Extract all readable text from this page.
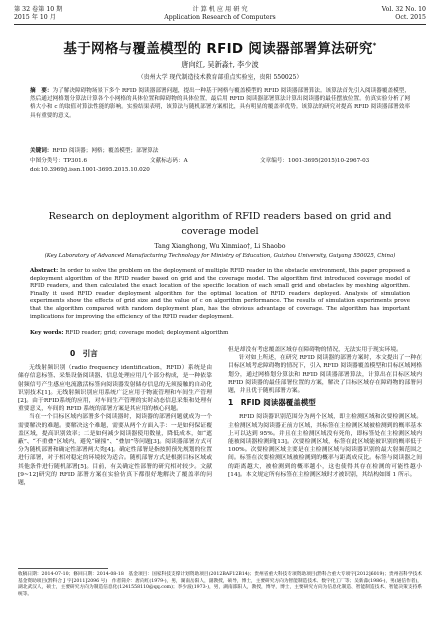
第 32 卷第 10 期
2015 年 10 月
计 算 机 应 用 研 究
Application Research of Computers
Vol. 32 No. 10
Oct. 2015
基于网格与覆盖模型的 RFID 阅读器部署算法研究*
唐向红, 吴新淼†, 李少波
（贵州大学 现代制造技术教育部重点实验室，贵阳 550025）
摘　要：为了解决障碍物场景下多个 RFID 阅读器部署问题，提出一种基于网格与覆盖模型的 RFID 阅读器部署算法。该算法首先引入阅读器覆盖模型，然后通过网格划分算法计算各个小网格的具体位置和障碍物的具体位置，最后用 RFID 阅读器部署算法计算出阅读器的最佳摆放位置。仿真实验分析了网格大小和 c 的取值对算法性能的影响。实验结果表明，该算法与随机部署方案相比，具有明显的覆盖率优势。该算法的研究对提高 RFID 阅读器部署效率具有重要的意义。
关键词：RFID 阅读器；网格；覆盖模型；部署算法
中图分类号：TP301.6	文献标志码：A	文章编号：1001-3695(2015)10-2967-03
doi:10.3969/j.issn.1001-3695.2015.10.020
Research on deployment algorithm of RFID readers based on grid and coverage model
Tang Xianghong, Wu Xinmiao†, Li Shaobo
(Key Laboratory of Advanced Manufacturing Technology for Ministry of Education, Guizhou University, Guiyang 550025, China)
Abstract: In order to solve the problem on the deployment of multiple RFID reader in the obstacle environment, this paper proposed a deployment algorithm of the RFID reader based on grid and the coverage model. The algorithm first introduced coverage model of RFID readers, and then calculated the exact location of the specific location of each small grid and obstacles by meshing algorithm. Finally it used RFID reader deployment algorithm for the optimal location of RFID readers deployed. Analysis of simulation experiments show the effects of grid size and the value of c on algorithm performance. The results of simulation experiments prove that the algorithm compared with random deployment plan, has the obvious advantage of coverage. The algorithm has important implications for improving the efficiency of the RFID reader deployment.
Key words: RFID reader; grid; coverage model; deployment algorithm
0　引言

无线射频识别（radio frequency identification，RFID）系统是由储存信息标签、采集设备阅读器、信息处理应用几个部分构成，是一种依靠射频信号产生感应电流激活标签向阅读器发射储存信息的无须接触的自动化识别技术[1]。无线射频识别应用系统广泛应用于物流管理和车间生产管理[2]。由于RFID系统的应用，对车间生产管理的实时动态信息采集和处理有重要意义，车间的 RFID 系统的部署方案是其应用的核心问题。

当在一个目标区域内部署多个阅读器时，阅读器的部署问题就成为一个需要解决的难题。要解决这个难题，需要从两个方面入手：一是如何保证覆盖区域，提高识别效率；二是如何减少阅读器使用数量，降低成本，如“遮蔽”、“不重叠”区域内，避免“碰撞”、“叠加”等问题[3]。阅读器部署方式可分为随机部署和确定性部署两大类[4]。确定性部署是指按照预先规划的位置进行部署，对于相对稳定的环境较为适合。随机部署方式是根据目标区域或其他条件进行随机部署[5]。目前，有关确定性部署的研究相对较少。文献[9~12]研究的 RFID 部署方案在实验仿真下都很好地解决了覆盖率的问题，

但是却没有考虑覆盖区域存在障碍物的情况，无法实用于现实环境。

针对如上所述，在研究 RFID 阅读器的部署方案时，本文提出了一种在目标区域考虑障碍物的情况下，引入 RFID 阅读器覆盖模型和目标区域网格划分，通过网格划分算法和 RFID 阅读器部署算法，计算出在目标区域内 RFID 阅读器的最佳部署位置的方案，解决了目标区域存在障碍物的部署问题，并且优于随机部署方案。

1　RFID 阅读器覆盖模型

RFID 阅读器识别范围分为两个区域，即主检测区域和次要检测区域。主检测区域为阅读器正前方区域，其标签在主检测区域被检测到的概率基本上可以达到 95%。并且在主检测区域没有死角，即标签处在主检测区域内能被阅读器检测到[13]。次要检测区域，标签在此区域能被识别的概率低于 100%。次要检测区域主要是在主检测区域与阅读器识别的最大射频范围之间。标签在次要检测区域被检测到的概率与距离成反比。标签与阅读器之间的距离越大，被检测到的概率越小，这也使得其存在检测的可能性越小[14]。本文规定所有标签在主检测区域时才被识别，其结构如图 1 所示。

收稿日期：2014-07-10；修回日期：2014-08-18　基金项目：国家科技支撑计划资助项目(2012BAF12B14)；贵州省重大科技专项资助项目(黔科合重大专项字[2012]6019)；贵州省科学技术基金资助项目(黔科合 J 字[2011]2096 号)　作者简介：唐向红(1979-)，男，湖南岳阳人，副教授，硕导，博士，主要研究方向为智能制造技术、数字化工厂等；吴新淼(1986-)，男(通信作者)，湖北武汉人，硕士，主要研究方向为制造信息化(1241558110@qq.com)；李少波(1973-)，男，湖南邵阳人，教授，博导，博士，主要研究方向为信息化制造、智能制造技术、智能决策支持系统等。
